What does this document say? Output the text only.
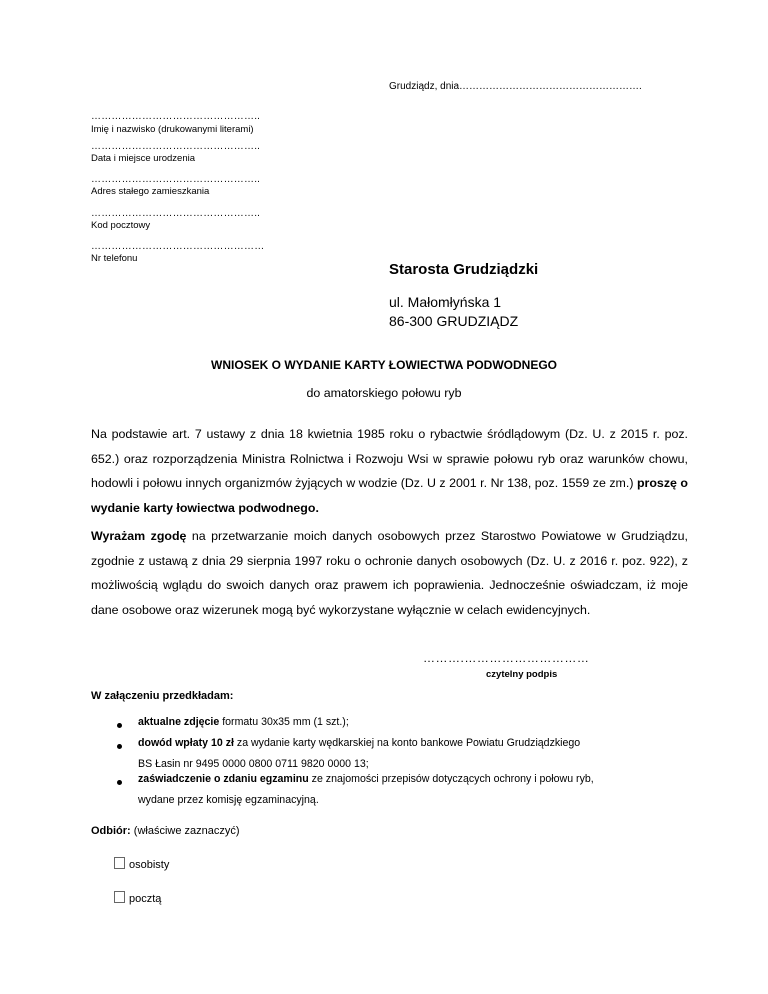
Grudziądz, dnia……………………………………………….
…………………………………………..
Imię i nazwisko (drukowanymi literami)
…………………………………………..
Data i miejsce urodzenia
…………………………………………..
Adres stałego zamieszkania
…………………………………………..
Kod pocztowy
……………………………………………
Nr telefonu
Starosta Grudziądzki
ul. Małomłyńska 1
86-300 GRUDZIĄDZ
WNIOSEK O WYDANIE KARTY ŁOWIECTWA PODWODNEGO
do amatorskiego połowu ryb
Na podstawie art. 7 ustawy z dnia 18 kwietnia 1985 roku o rybactwie śródlądowym (Dz. U. z 2015 r. poz. 652.) oraz rozporządzenia Ministra Rolnictwa i Rozwoju Wsi w sprawie połowu ryb oraz warunków chowu, hodowli i połowu innych organizmów żyjących w wodzie (Dz. U z 2001 r. Nr 138, poz. 1559 ze zm.) proszę o wydanie karty łowiectwa podwodnego.
Wyrażam zgodę na przetwarzanie moich danych osobowych przez Starostwo Powiatowe w Grudziądzu, zgodnie z ustawą z dnia 29 sierpnia 1997 roku o ochronie danych osobowych (Dz. U. z 2016 r. poz. 922), z możliwością wglądu do swoich danych oraz prawem ich poprawienia. Jednocześnie oświadczam, iż moje dane osobowe oraz wizerunek mogą być wykorzystane wyłącznie w celach ewidencyjnych.
……….…………………………
czytelny podpis
W załączeniu przedkładam:
aktualne zdjęcie formatu 30x35 mm (1 szt.);
dowód wpłaty 10 zł za wydanie karty wędkarskiej na konto bankowe Powiatu Grudziądzkiego
BS Łasin nr 9495 0000 0800 0711 9820 0000 13;
zaświadczenie o zdaniu egzaminu ze znajomości przepisów dotyczących ochrony i połowu ryb,
wydane przez komisję egzaminacyjną.
Odbiór: (właściwe zaznaczyć)
osobisty
pocztą
